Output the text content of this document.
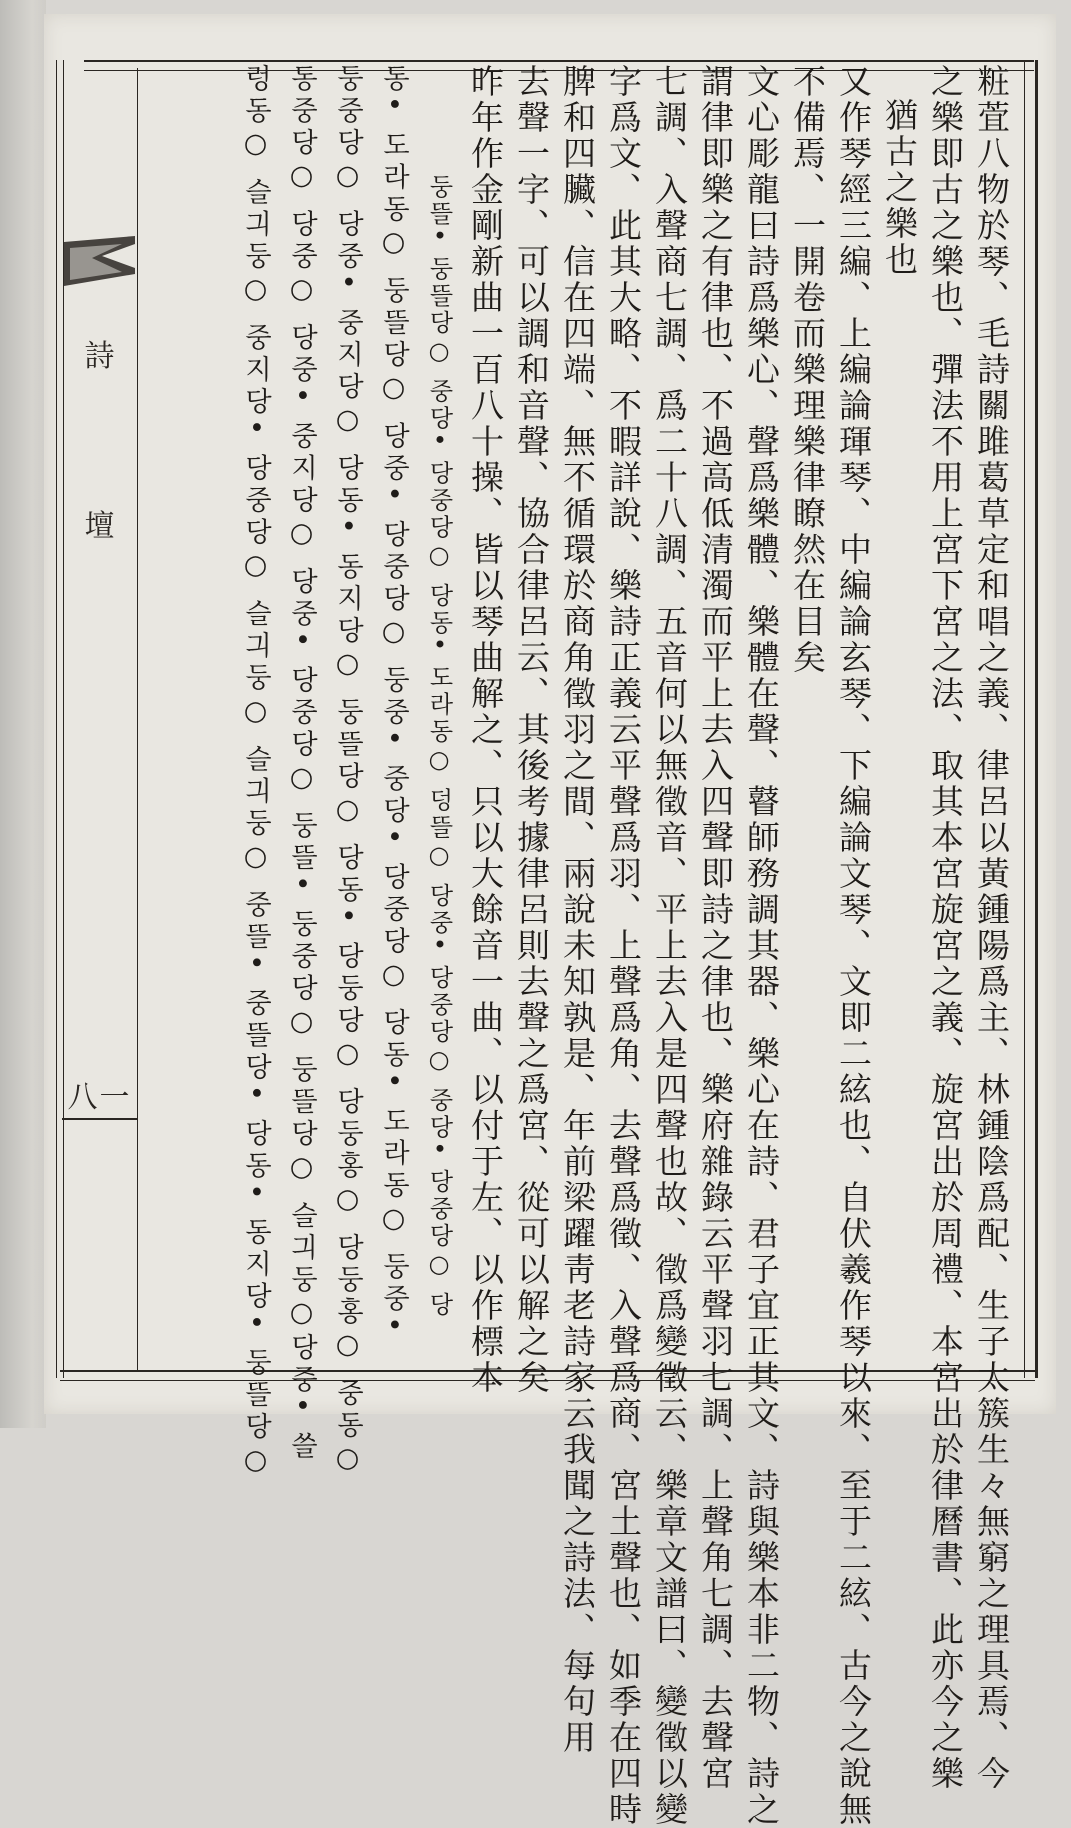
詩
壇
八一	粧萓八物於琴、毛詩關雎葛草定和唱之義、律呂以黃鍾陽爲主、林鍾陰爲配、生子太簇生々無窮之理具焉、今
之樂即古之樂也、彈法不用上宮下宮之法、取其本宮旋宮之義、旋宮出於周禮、本宮出於律曆書、此亦今之樂
猶古之樂也
又作琴經三編、上編論琿琴、中編論玄琴、下編論文琴、文即二絃也、自伏羲作琴以來、至于二絃、古今之說無
不備焉、一開卷而樂理樂律瞭然在目矣
文心彫龍曰詩爲樂心、聲爲樂體、樂體在聲、瞽師務調其器、樂心在詩、君子宜正其文、詩與樂本非二物、詩之
謂律即樂之有律也、不過高低清濁而平上去入四聲即詩之律也、樂府雜錄云平聲羽七調、上聲角七調、去聲宮
七調、入聲商七調、爲二十八調、五音何以無徵音、平上去入是四聲也故、徵爲變徵云、樂章文譜曰、變徵以變
字爲文、此其大略、不暇詳說、樂詩正義云平聲爲羽、上聲爲角、去聲爲徵、入聲爲商、宮土聲也、如季在四時
脾和四臟、信在四端、無不循環於商角徵羽之間、兩說未知孰是、年前梁躍靑老詩家云我聞之詩法、每句用
去聲一字、可以調和音聲、協合律呂云、其後考據律呂則去聲之爲宮、從可以解之矣
昨年作金剛新曲一百八十操、皆以琴曲解之、只以大餘音一曲、以付于左、以作標本
둥뜰• 둥뜰당○ 중당• 당중당○ 당동• 도라동○ 덩뜰○ 당중• 당중당○ 중당• 당중당○ 당
동• 도라동○ 둥뜰당○ 당중• 당중당○ 둥중• 중당• 당중당○ 당동• 도라동○ 둥중•
둥중당○ 당중• 중지당○ 당동• 동지당○ 둥뜰당○ 당동• 당둥당○ 당둥홍○ 당둥홍○ 중동○
동중당○ 당중○ 당중• 중지당○ 당중• 당중당○ 둥뜰• 둥중당○ 둥뜰당○ 슬긔둥○당중• 쓸
렁동○ 슬긔둥○ 중지당• 당중당○ 슬긔둥○ 슬긔둥○ 중뜰• 중뜰당• 당동• 동지당• 둥뜰당○
